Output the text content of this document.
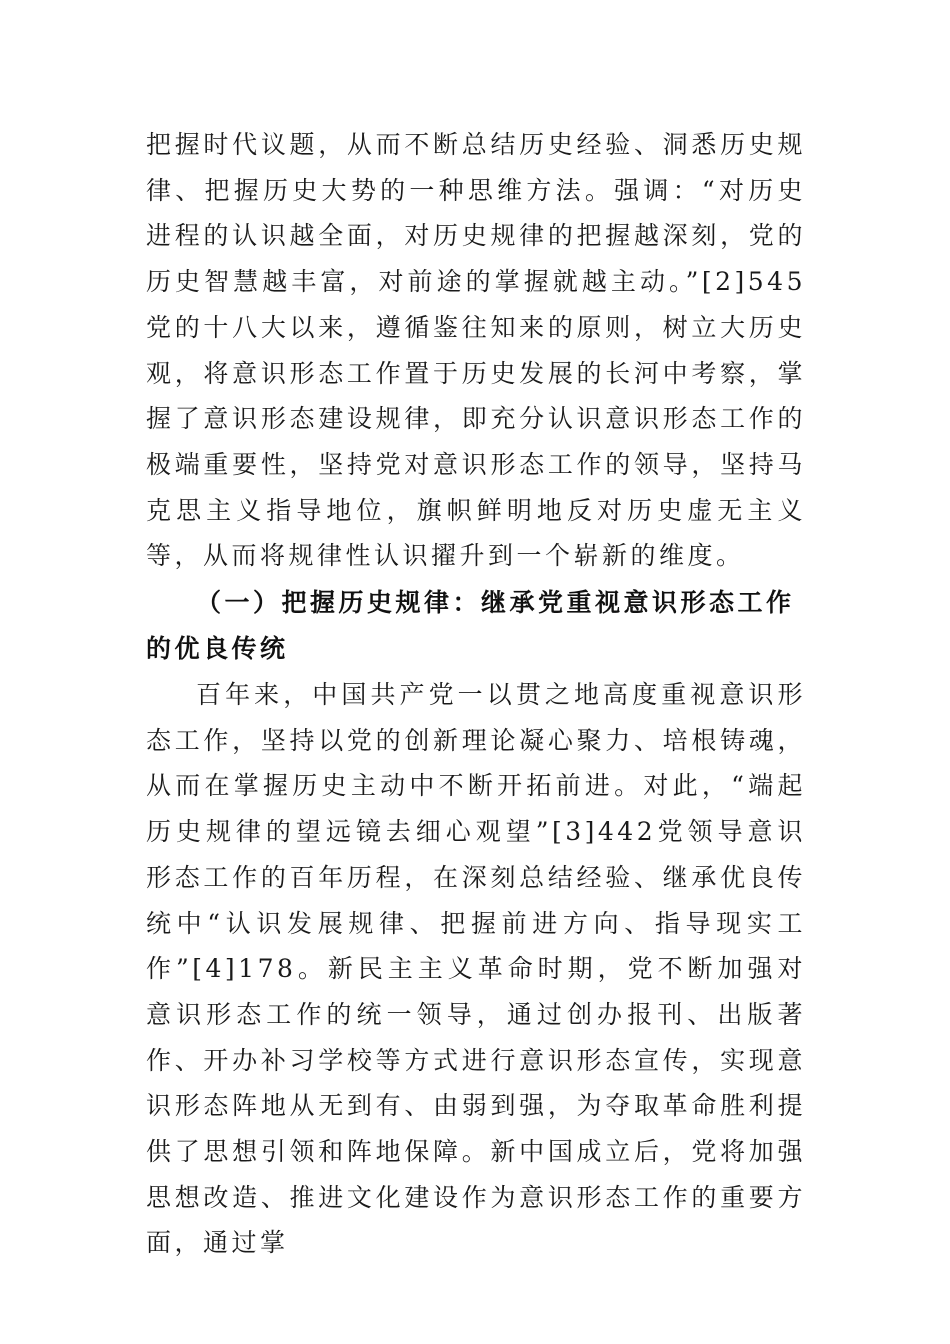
把握时代议题，从而不断总结历史经验、洞悉历史规律、把握历史大势的一种思维方法。强调：“对历史进程的认识越全面，对历史规律的把握越深刻，党的历史智慧越丰富，对前途的掌握就越主动。”[2]545党的十八大以来，遵循鉴往知来的原则，树立大历史观，将意识形态工作置于历史发展的长河中考察，掌握了意识形态建设规律，即充分认识意识形态工作的极端重要性，坚持党对意识形态工作的领导，坚持马克思主义指导地位，旗帜鲜明地反对历史虚无主义等，从而将规律性认识擢升到一个崭新的维度。
（一）把握历史规律：继承党重视意识形态工作的优良传统
百年来，中国共产党一以贯之地高度重视意识形态工作，坚持以党的创新理论凝心聚力、培根铸魂，从而在掌握历史主动中不断开拓前进。对此，“端起历史规律的望远镜去细心观望”[3]442党领导意识形态工作的百年历程，在深刻总结经验、继承优良传统中“认识发展规律、把握前进方向、指导现实工作”[4]178。新民主主义革命时期，党不断加强对意识形态工作的统一领导，通过创办报刊、出版著作、开办补习学校等方式进行意识形态宣传，实现意识形态阵地从无到有、由弱到强，为夺取革命胜利提供了思想引领和阵地保障。新中国成立后，党将加强思想改造、推进文化建设作为意识形态工作的重要方面，通过掌
